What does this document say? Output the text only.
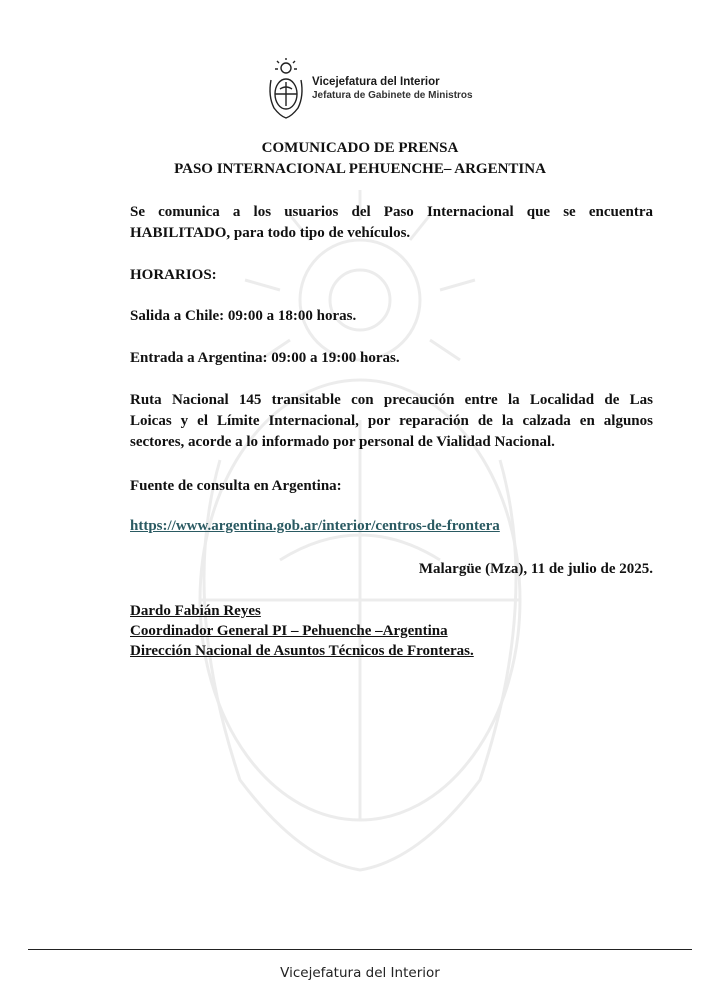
Vicejefatura del Interior
Jefatura de Gabinete de Ministros
COMUNICADO DE PRENSA
PASO INTERNACIONAL PEHUENCHE– ARGENTINA
Se comunica a los usuarios del Paso Internacional que se encuentra
HABILITADO, para todo tipo de vehículos.
HORARIOS:
Salida a Chile: 09:00 a 18:00 horas.
Entrada a Argentina: 09:00 a 19:00 horas.
Ruta Nacional 145 transitable con precaución entre la Localidad de Las
Loicas y el Límite Internacional, por reparación de la calzada en algunos
sectores, acorde a lo informado por personal de Vialidad Nacional.
Fuente de consulta en Argentina:
https://www.argentina.gob.ar/interior/centros-de-frontera
Malargüe (Mza), 11 de julio de 2025.
Dardo Fabián Reyes
Coordinador General PI – Pehuenche –Argentina
Dirección Nacional de Asuntos Técnicos de Fronteras.
Vicejefatura del Interior
